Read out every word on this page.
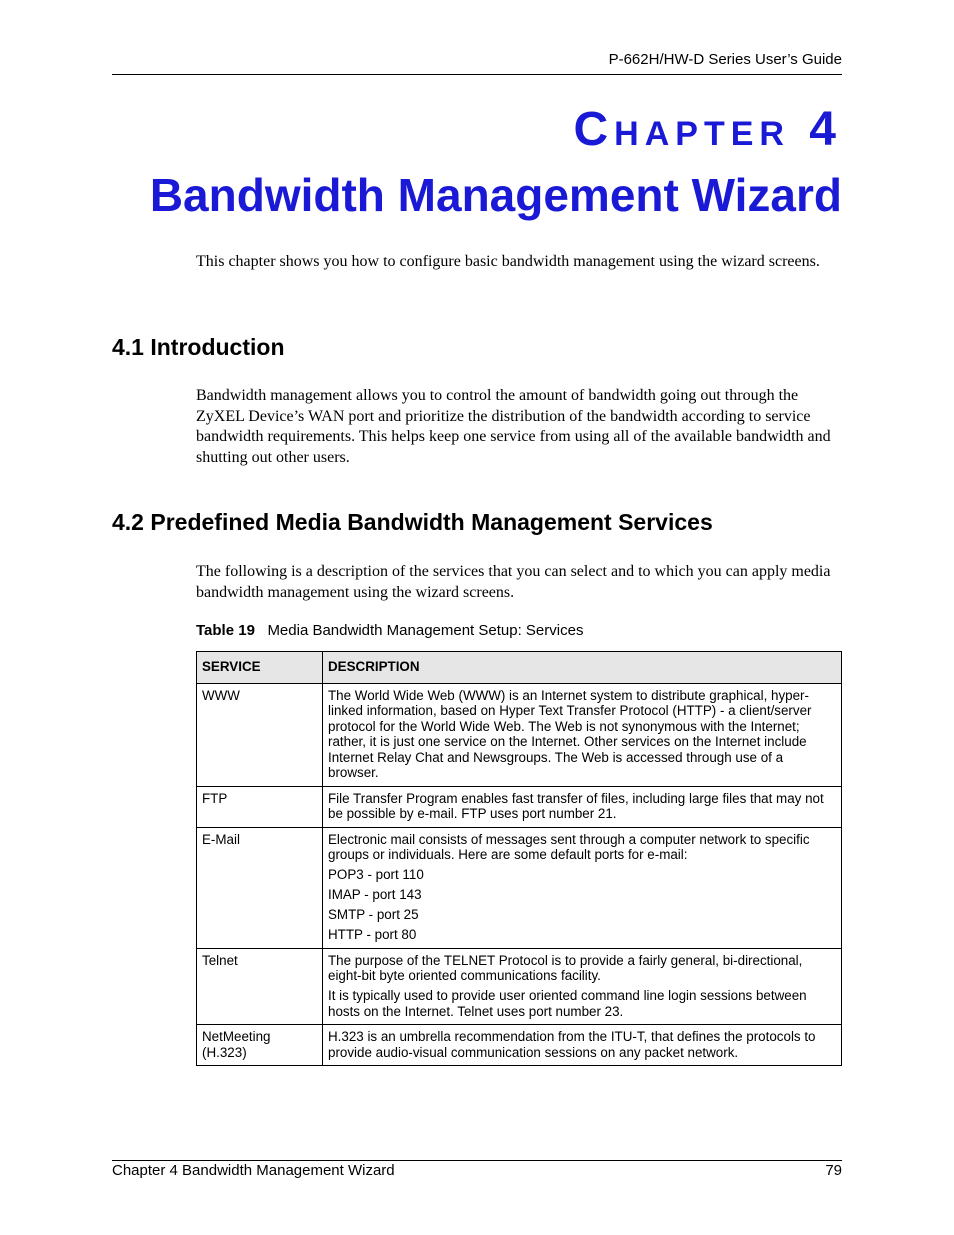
P-662H/HW-D Series User’s Guide
Chapter 4
Bandwidth Management Wizard
This chapter shows you how to configure basic bandwidth management using the wizard screens.
4.1 Introduction
Bandwidth management allows you to control the amount of bandwidth going out through the ZyXEL Device’s WAN port and prioritize the distribution of the bandwidth according to service bandwidth requirements. This helps keep one service from using all of the available bandwidth and shutting out other users.
4.2 Predefined Media Bandwidth Management Services
The following is a description of the services that you can select and to which you can apply media bandwidth management using the wizard screens.
Table 19 Media Bandwidth Management Setup: Services
SERVICE	DESCRIPTION
WWW	The World Wide Web (WWW) is an Internet system to distribute graphical, hyper-linked information, based on Hyper Text Transfer Protocol (HTTP) - a client/server protocol for the World Wide Web. The Web is not synonymous with the Internet; rather, it is just one service on the Internet. Other services on the Internet include Internet Relay Chat and Newsgroups. The Web is accessed through use of a browser.

FTP	File Transfer Program enables fast transfer of files, including large files that may not be possible by e-mail. FTP uses port number 21.

E-Mail	Electronic mail consists of messages sent through a computer network to specific groups or individuals. Here are some default ports for e-mail:

POP3 - port 110

IMAP - port 143

SMTP - port 25

HTTP - port 80

Telnet	The purpose of the TELNET Protocol is to provide a fairly general, bi-directional, eight-bit byte oriented communications facility.

It is typically used to provide user oriented command line login sessions between hosts on the Internet. Telnet uses port number 23.

NetMeeting (H.323)	H.323 is an umbrella recommendation from the ITU-T, that defines the protocols to provide audio-visual communication sessions on any packet network.

Chapter 4 Bandwidth Management Wizard	79
